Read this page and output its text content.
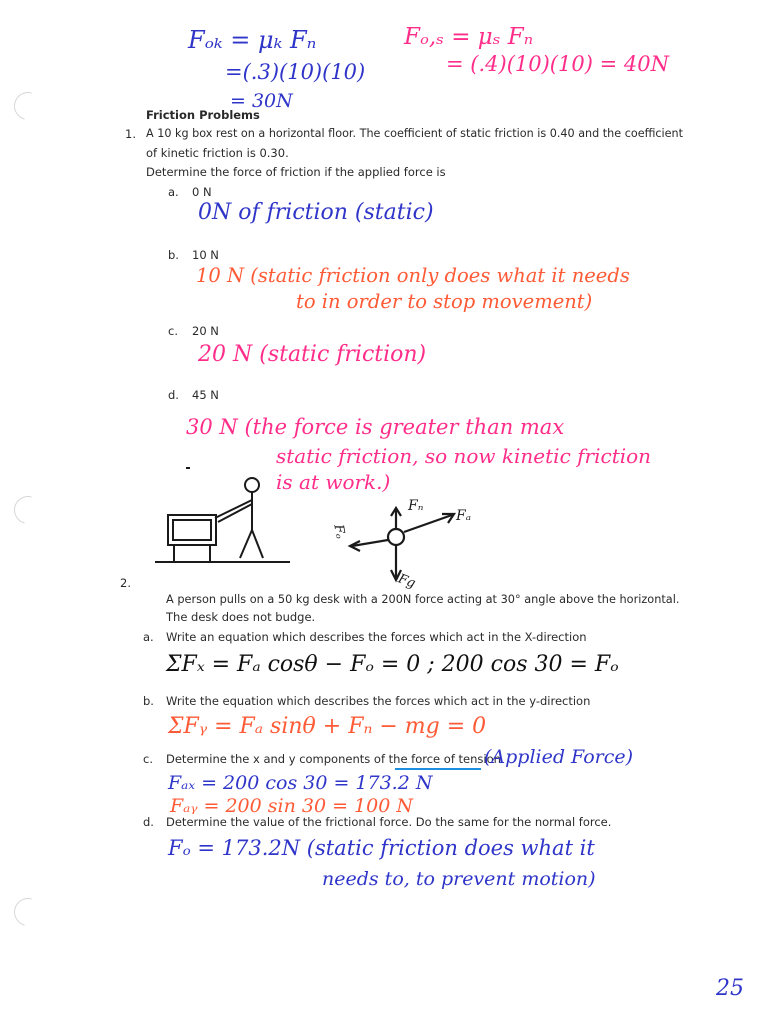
Fₒₖ = μₖ Fₙ
=(.3)(10)(10)
= 30N
Fₒ,ₛ = μₛ Fₙ
= (.4)(10)(10) = 40N
Friction Problems
1. A 10 kg box rest on a horizontal floor. The coefficient of static friction is 0.40 and the coefficient
of kinetic friction is 0.30.
Determine the force of friction if the applied force is
a. 0 N
0N of friction (static)
b. 10 N
10 N (static friction only does what it needs
to in order to stop movement)
c. 20 N
20 N (static friction)
d. 45 N
30 N (the force is greater than max
static friction, so now kinetic friction
is at work.)
Fₙ
Fₐ
Fₒ
Fg
2.
A person pulls on a 50 kg desk with a 200N force acting at 30° angle above the horizontal.
The desk does not budge.
a. Write an equation which describes the forces which act in the X-direction
ΣFₓ = Fₐ cosθ − Fₒ = 0 ; 200 cos 30 = Fₒ
b. Write the equation which describes the forces which act in the y-direction
ΣFᵧ = Fₐ sinθ + Fₙ − mg = 0
c. Determine the x and y components of the force of tension
(Applied Force)
Fₐₓ = 200 cos 30 = 173.2 N
Fₐᵧ = 200 sin 30 = 100 N
d. Determine the value of the frictional force. Do the same for the normal force.
Fₒ = 173.2N (static friction does what it
needs to, to prevent motion)
25
